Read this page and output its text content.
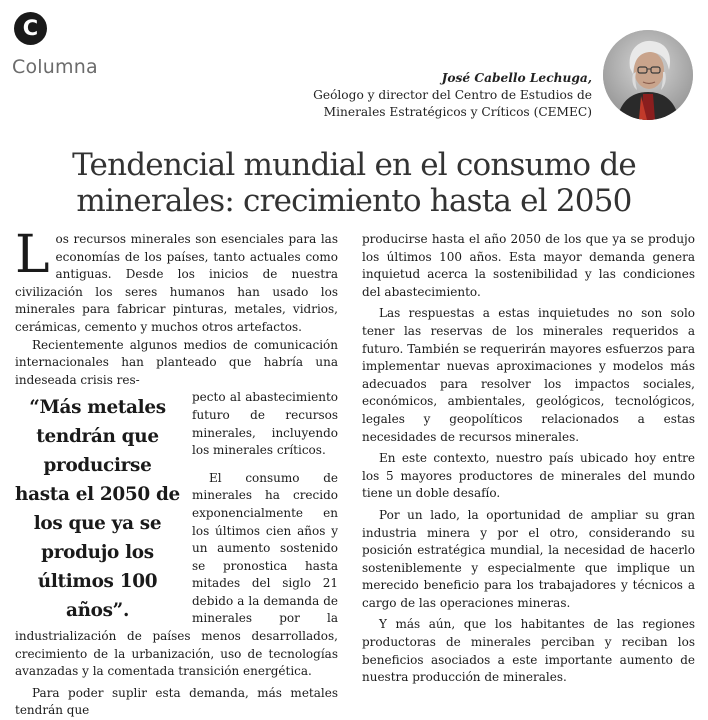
C
Columna	José Cabello Lechuga,
Geólogo y director del Centro de Estudios de
Minerales Estratégicos y Críticos (CEMEC)
Tendencial mundial en el consumo de
minerales: crecimiento hasta el 2050

Los recursos minerales son esenciales para las economías de los países, tanto actuales como antiguas. Desde los inicios de nuestra civilización los seres humanos han usado los minerales para fabricar pinturas, metales, vidrios, cerámicas, cemento y muchos otros artefactos.

Recientemente algunos medios de comunicación internacionales han planteado que habría una indeseada crisis res-

“Más metales tendrán que producirse hasta el 2050 de los que ya se produjo los últimos 100 años”.

pecto al abastecimiento futuro de recursos minerales, incluyendo los minerales críticos.

El consumo de minerales ha crecido exponencialmente en los últimos cien años y un aumento sostenido se pronostica hasta mitades del siglo 21 debido a la demanda de minerales por la industrialización de países menos desarrollados, crecimiento de la urbanización, uso de tecnologías avanzadas y la comentada transición energética.

Para poder suplir esta demanda, más metales tendrán que

producirse hasta el año 2050 de los que ya se produjo los últimos 100 años. Esta mayor demanda genera inquietud acerca la sostenibilidad y las condiciones del abastecimiento.

Las respuestas a estas inquietudes no son solo tener las reservas de los minerales requeridos a futuro. También se requerirán mayores esfuerzos para implementar nuevas aproximaciones y modelos más adecuados para resolver los impactos sociales, económicos, ambientales, geológicos, tecnológicos, legales y geopolíticos relacionados a estas necesidades de recursos minerales.

En este contexto, nuestro país ubicado hoy entre los 5 mayores productores de minerales del mundo tiene un doble desafío.

Por un lado, la oportunidad de ampliar su gran industria minera y por el otro, considerando su posición estratégica mundial, la necesidad de hacerlo sosteniblemente y especialmente que implique un merecido beneficio para los trabajadores y técnicos a cargo de las operaciones mineras.

Y más aún, que los habitantes de las regiones productoras de minerales perciban y reciban los beneficios asociados a este importante aumento de nuestra producción de minerales.
